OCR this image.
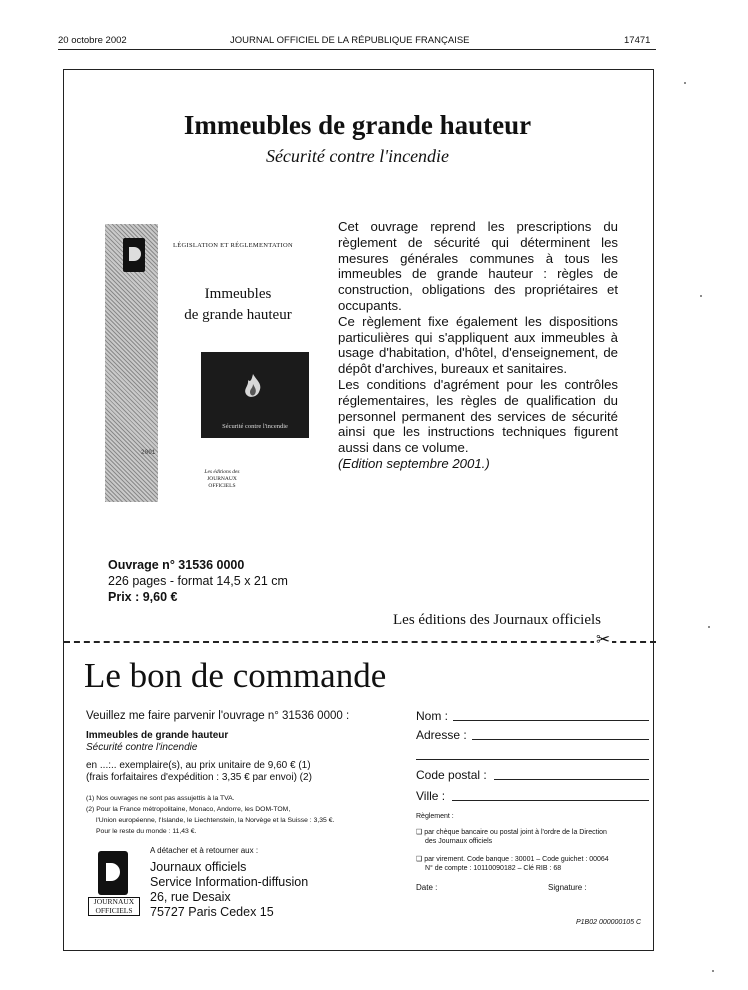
20 octobre 2002	JOURNAL OFFICIEL DE LA RÉPUBLIQUE FRANÇAISE	17471
Immeubles de grande hauteur
Sécurité contre l'incendie
2001
LÉGISLATION ET RÉGLEMENTATION
Immeubles
de grande hauteur
Sécurité contre l'incendie
Les éditions des
JOURNAUX OFFICIELS

Cet ouvrage reprend les prescriptions du règlement de sécurité qui déterminent les mesures générales communes à tous les immeubles de grande hauteur : règles de construction, obligations des propriétaires et occupants.

Ce règlement fixe également les dispositions particulières qui s'appliquent aux immeubles à usage d'habitation, d'hôtel, d'enseignement, de dépôt d'archives, bureaux et sanitaires.

Les conditions d'agrément pour les contrôles réglementaires, les règles de qualification du personnel permanent des services de sécurité ainsi que les instructions techniques figurent aussi dans ce volume.

(Edition septembre 2001.)

Ouvrage n° 31536 0000
226 pages - format 14,5 x 21 cm
Prix : 9,60 €
Les éditions des Journaux officiels
✂
Le bon de commande
Veuillez me faire parvenir l'ouvrage n° 31536 0000 :
Immeubles de grande hauteur
Sécurité contre l'incendie
en ...:.. exemplaire(s), au prix unitaire de 9,60 € (1)
(frais forfaitaires d'expédition : 3,35 € par envoi) (2)
(1) Nos ouvrages ne sont pas assujettis à la TVA.
(2) Pour la France métropolitaine, Monaco, Andorre, les DOM-TOM,
l'Union européenne, l'Islande, le Liechtenstein, la Norvège et la Suisse : 3,35 €.
Pour le reste du monde : 11,43 €.
JOURNAUX
OFFICIELS
A détacher et à retourner aux :
Journaux officiels
Service Information-diffusion
26, rue Desaix
75727 Paris Cedex 15
Nom :
Adresse :
Code postal :
Ville :
Règlement :
❑ par chèque bancaire ou postal joint à l'ordre de la Direction
des Journaux officiels
❑ par virement. Code banque : 30001 – Code guichet : 00064
N° de compte : 10110090182 – Clé RIB : 68
Date :	Signature :
P1B02 000000105 C
